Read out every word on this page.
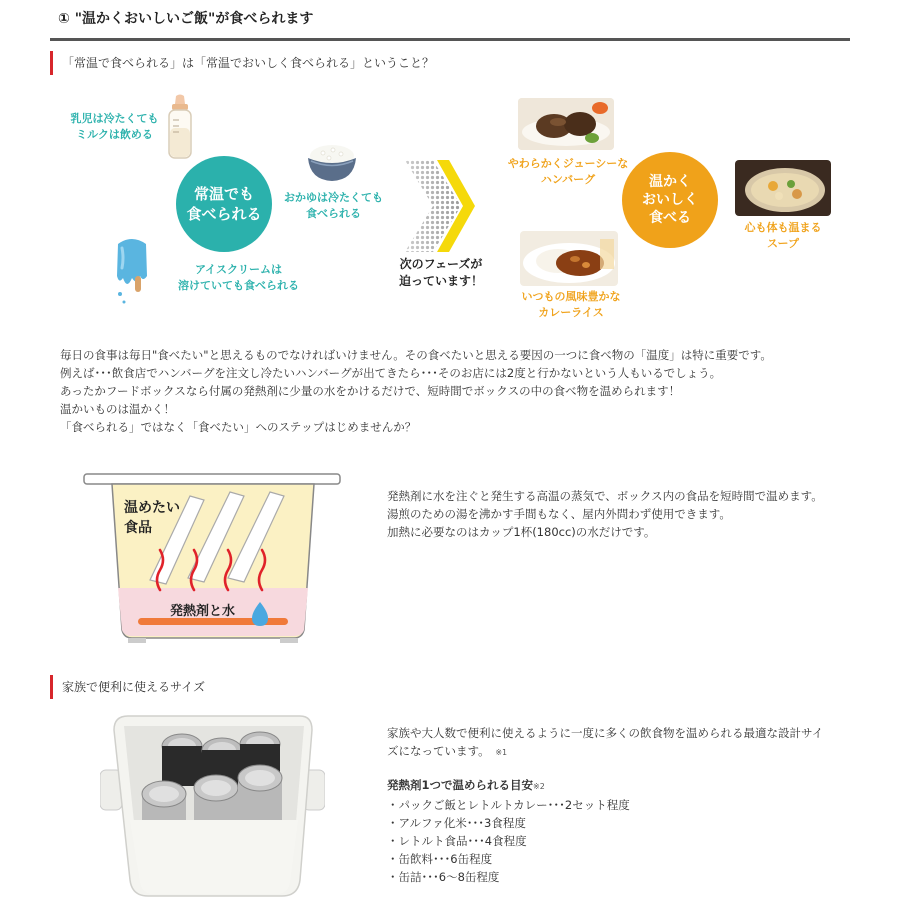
① "温かくおいしいご飯"が食べられます
「常温で食べられる」は「常温でおいしく食べられる」ということ？
乳児は冷たくても
ミルクは飲める
常温でも
食べられる
おかゆは冷たくても
食べられる
アイスクリームは
溶けていても食べられる
次のフェーズが
迫っています！
やわらかくジューシーな
ハンバーグ
いつもの風味豊かな
カレーライス
温かく
おいしく
食べる
心も体も温まる
スープ
毎日の食事は毎日"食べたい"と思えるものでなければいけません。その食べたいと思える要因の一つに食べ物の「温度」は特に重要です。
例えば･･･飲食店でハンバーグを注文し冷たいハンバーグが出てきたら･･･そのお店には2度と行かないという人もいるでしょう。
あったかフードボックスなら付属の発熱剤に少量の水をかけるだけで、短時間でボックスの中の食べ物を温められます！
温かいものは温かく！
「食べられる」ではなく「食べたい」へのステップはじめませんか？
温めたい
食品
発熱剤と水
発熱剤に水を注ぐと発生する高温の蒸気で、ボックス内の食品を短時間で温めます。
湯煎のための湯を沸かす手間もなく、屋内外問わず使用できます。
加熱に必要なのはカップ1杯(180cc)の水だけです。
家族で便利に使えるサイズ
家族や大人数で便利に使えるように一度に多くの飲食物を温められる最適な設計サイ
ズになっています。　 ※1
発熱剤1つで温められる目安※2
・パックご飯とレトルトカレー･･･2セット程度
・アルファ化米･･･3食程度
・レトルト食品･･･4食程度
・缶飲料･･･6缶程度
・缶詰･･･6〜8缶程度
